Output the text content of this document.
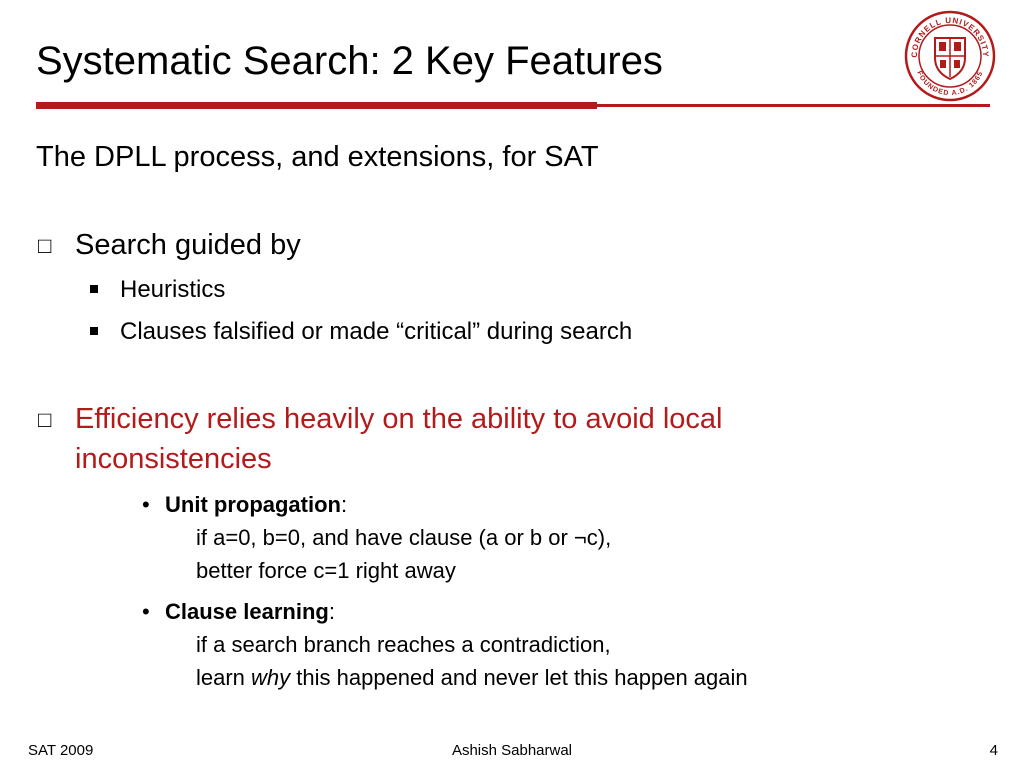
Systematic Search: 2 Key Features	CORNELL UNIVERSITY
FOUNDED A.D. 1865
The DPLL process, and extensions, for SAT
□ Search guided by
Heuristics
Clauses falsified or made “critical” during search
□ Efficiency relies heavily on the ability to avoid local
inconsistencies
• Unit propagation:
if a=0, b=0, and have clause (a or b or ¬c),
better force c=1 right away
• Clause learning:
if a search branch reaches a contradiction,
learn why this happened and never let this happen again
SAT 2009	Ashish Sabharwal	4
